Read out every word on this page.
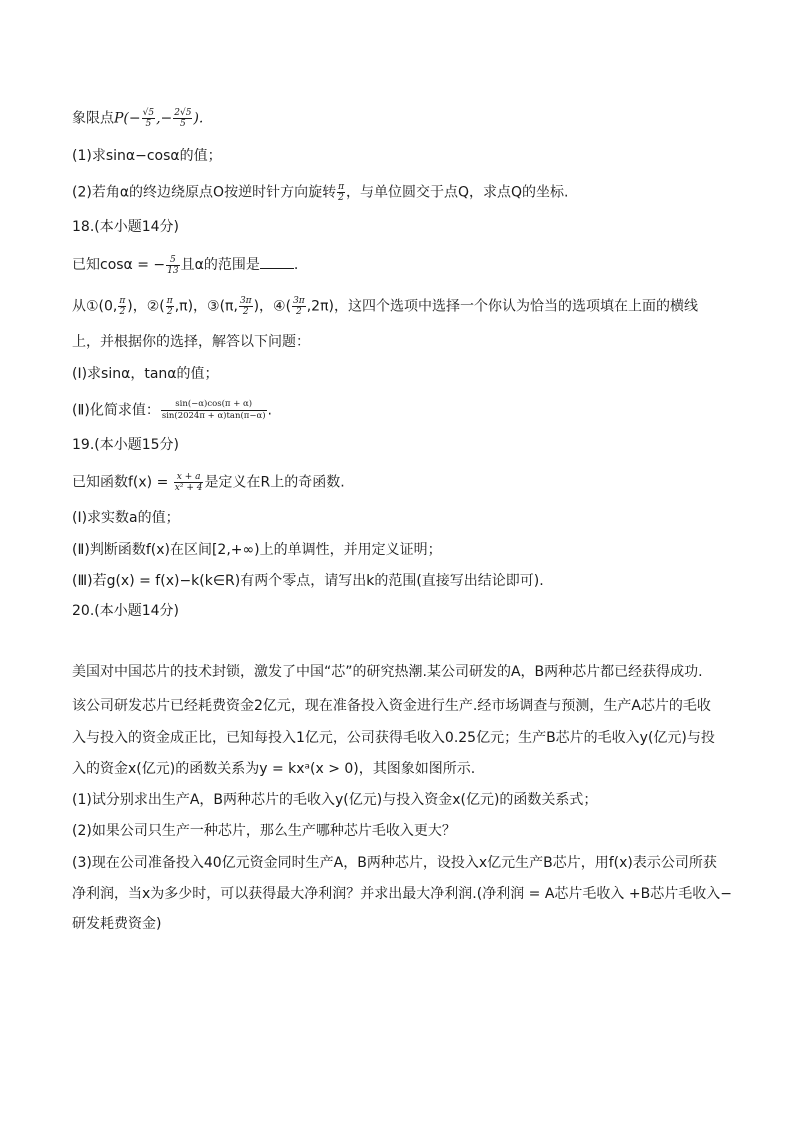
象限点$P(- \frac{√5}{5}$ ,− $\frac{2√5}{5}$ ).
(1)求sinα−cosα的值；
(2)若角α的终边绕原点O按逆时针方向旋转 $\frac{\pi}{2}$ ，与单位圆交于点Q，求点Q的坐标.
18.(本小题14分)
已知cosα = − $\frac{5}{13}$ 且α的范围是 .
从①(0, $\frac{\pi}{2}$ )，②( $\frac{\pi}{2} ,\pi$)，③(π, $\frac{3\pi}{2}$ )，④( $\frac{3\pi}{2} ,2\pi$)，这四个选项中选择一个你认为恰当的选项填在上面的横线
上，并根据你的选择，解答以下问题：
(Ⅰ)求sinα，tanα的值；
(Ⅱ)化简求值： $\frac{\sin(-\alpha)\cos(\pi + \alpha)}{\sin(2024\pi + \alpha)\tan(\pi-\alpha)}$ .
19.(本小题15分)
已知函数$f(x) = \frac{x + a}{\text{x² + 4}}$ 是定义在R上的奇函数.
(Ⅰ)求实数a的值；
(Ⅱ)判断函数f(x)在区间[2,+∞)上的单调性，并用定义证明；
(Ⅲ)若g(x) = f(x)−k(k∈R)有两个零点，请写出k的范围(直接写出结论即可).
20.(本小题14分)
美国对中国芯片的技术封锁，激发了中国“芯”的研究热潮.某公司研发的A，B两种芯片都已经获得成功.
该公司研发芯片已经耗费资金2亿元，现在准备投入资金进行生产.经市场调查与预测，生产A芯片的毛收
入与投入的资金成正比，已知每投入1亿元，公司获得毛收入0.25亿元；生产B芯片的毛收入y(亿元)与投
入的资金x(亿元)的函数关系为y = kxᵃ(x > 0)，其图象如图所示.
(1)试分别求出生产A，B两种芯片的毛收入y(亿元)与投入资金x(亿元)的函数关系式；
(2)如果公司只生产一种芯片，那么生产哪种芯片毛收入更大？
(3)现在公司准备投入40亿元资金同时生产A，B两种芯片，设投入x亿元生产B芯片，用f(x)表示公司所获
净利润，当x为多少时，可以获得最大净利润？并求出最大净利润.(净利润 = A芯片毛收入 +B芯片毛收入−
研发耗费资金)
